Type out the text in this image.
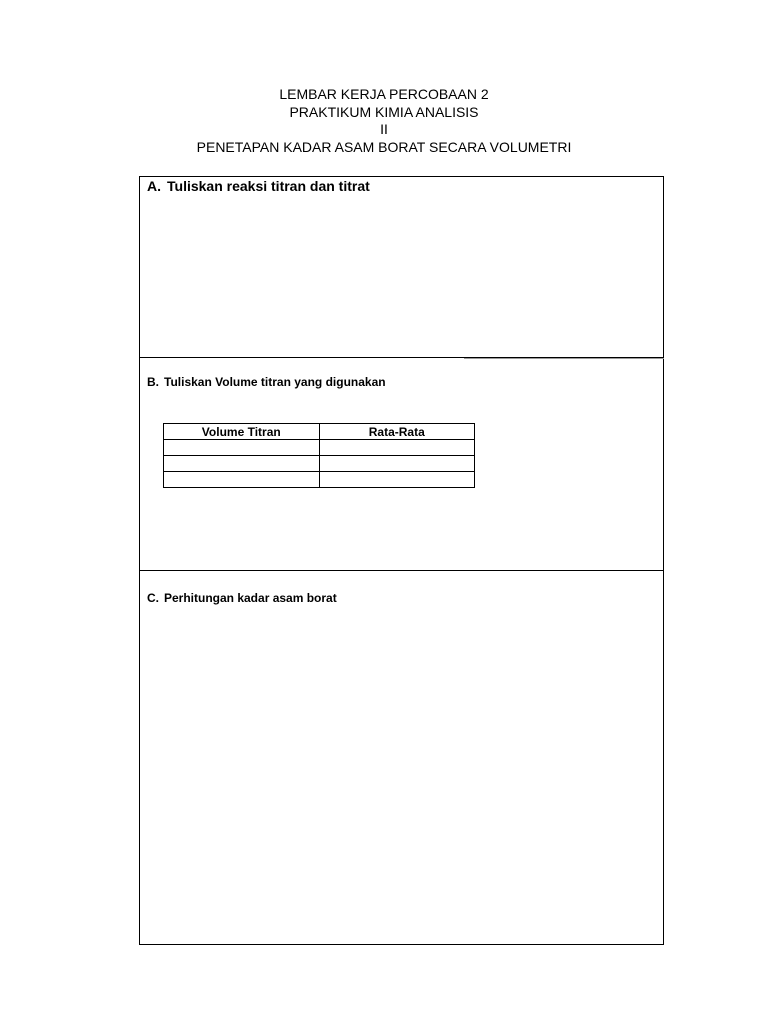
LEMBAR KERJA PERCOBAAN 2
PRAKTIKUM KIMIA ANALISIS
II
PENETAPAN KADAR ASAM BORAT SECARA VOLUMETRI
A. Tuliskan reaksi titran dan titrat
B. Tuliskan Volume titran yang digunakan
Volume Titran	Rata-Rata

C. Perhitungan kadar asam borat
